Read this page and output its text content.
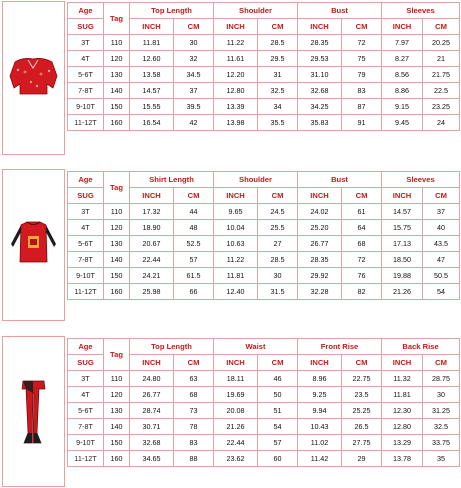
Age	Tag	Top Length		Shoulder		Bust		Sleeves	
SUG		INCH	CM	INCH	CM	INCH	CM	INCH	CM
3T	110	11.81	30	11.22	28.5	28.35	72	7.97	20.25
4T	120	12.60	32	11.61	29.5	29.53	75	8.27	21
5-6T	130	13.58	34.5	12.20	31	31.10	79	8.56	21.75
7-8T	140	14.57	37	12.80	32.5	32.68	83	8.86	22.5
9-10T	150	15.55	39.5	13.39	34	34.25	87	9.15	23.25
11-12T	160	16.54	42	13.98	35.5	35.83	91	9.45	24
Age	Tag	Shirt Length		Shoulder		Bust		Sleeves	
SUG		INCH	CM	INCH	CM	INCH	CM	INCH	CM
3T	110	17.32	44	9.65	24.5	24.02	61	14.57	37
4T	120	18.90	48	10.04	25.5	25.20	64	15.75	40
5-6T	130	20.67	52.5	10.63	27	26.77	68	17.13	43.5
7-8T	140	22.44	57	11.22	28.5	28.35	72	18.50	47
9-10T	150	24.21	61.5	11.81	30	29.92	76	19.88	50.5
11-12T	160	25.98	66	12.40	31.5	32.28	82	21.26	54
Age	Tag	Top Length		Waist		Front Rise		Back Rise	
SUG		INCH	CM	INCH	CM	INCH	CM	INCH	CM
3T	110	24.80	63	18.11	46	8.96	22.75	11.32	28.75
4T	120	26.77	68	19.69	50	9.25	23.5	11.81	30
5-6T	130	28.74	73	20.08	51	9.94	25.25	12.30	31.25
7-8T	140	30.71	78	21.26	54	10.43	26.5	12.80	32.5
9-10T	150	32.68	83	22.44	57	11.02	27.75	13.29	33.75
11-12T	160	34.65	88	23.62	60	11.42	29	13.78	35
